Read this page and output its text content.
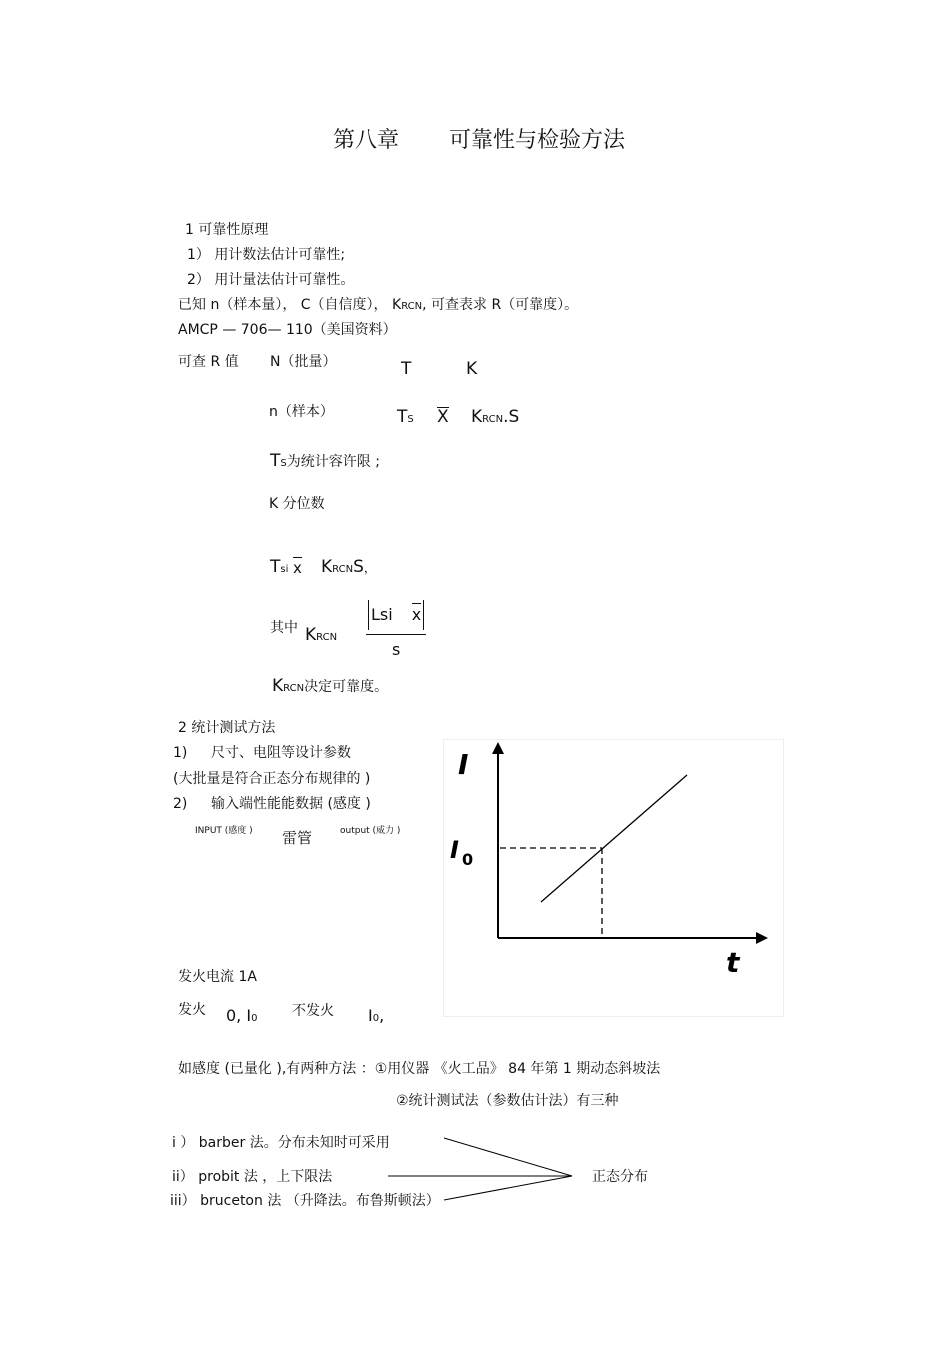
第八章 可靠性与检验方法
1 可靠性原理
1） 用计数法估计可靠性;
2） 用计量法估计可靠性。
已知 n（样本量）， C（自信度）， KRCN, 可查表求 R（可靠度）。
AMCP — 706— 110（美国资料）
可查 R 值 N（批量）	T	K
n（样本）	TS X KRCN.S
TS为统计容许限 ;
K 分位数
Tsi x KRCNS，
其中 KRCN
Lsi x
s
KRCN决定可靠度。
2 统计测试方法
1) 尺寸、电阻等设计参数
(大批量是符合正态分布规律的 )
2) 输入端性能能数据 (感度 )
INPUT (感度 ) 雷管	output (威力 )
I
t
I 0
发火电流 1A
发火 0, I0 不发火 I0,
如感度 (已量化 ),有两种方法 ：①用仪器 《火工品》 84 年第 1 期动态斜坡法
②统计测试法（参数估计法）有三种
i ） barber 法。分布未知时可采用
ii） probit 法 ，上下限法
iii） bruceton 法 （升降法。布鲁斯顿法）
正态分布
